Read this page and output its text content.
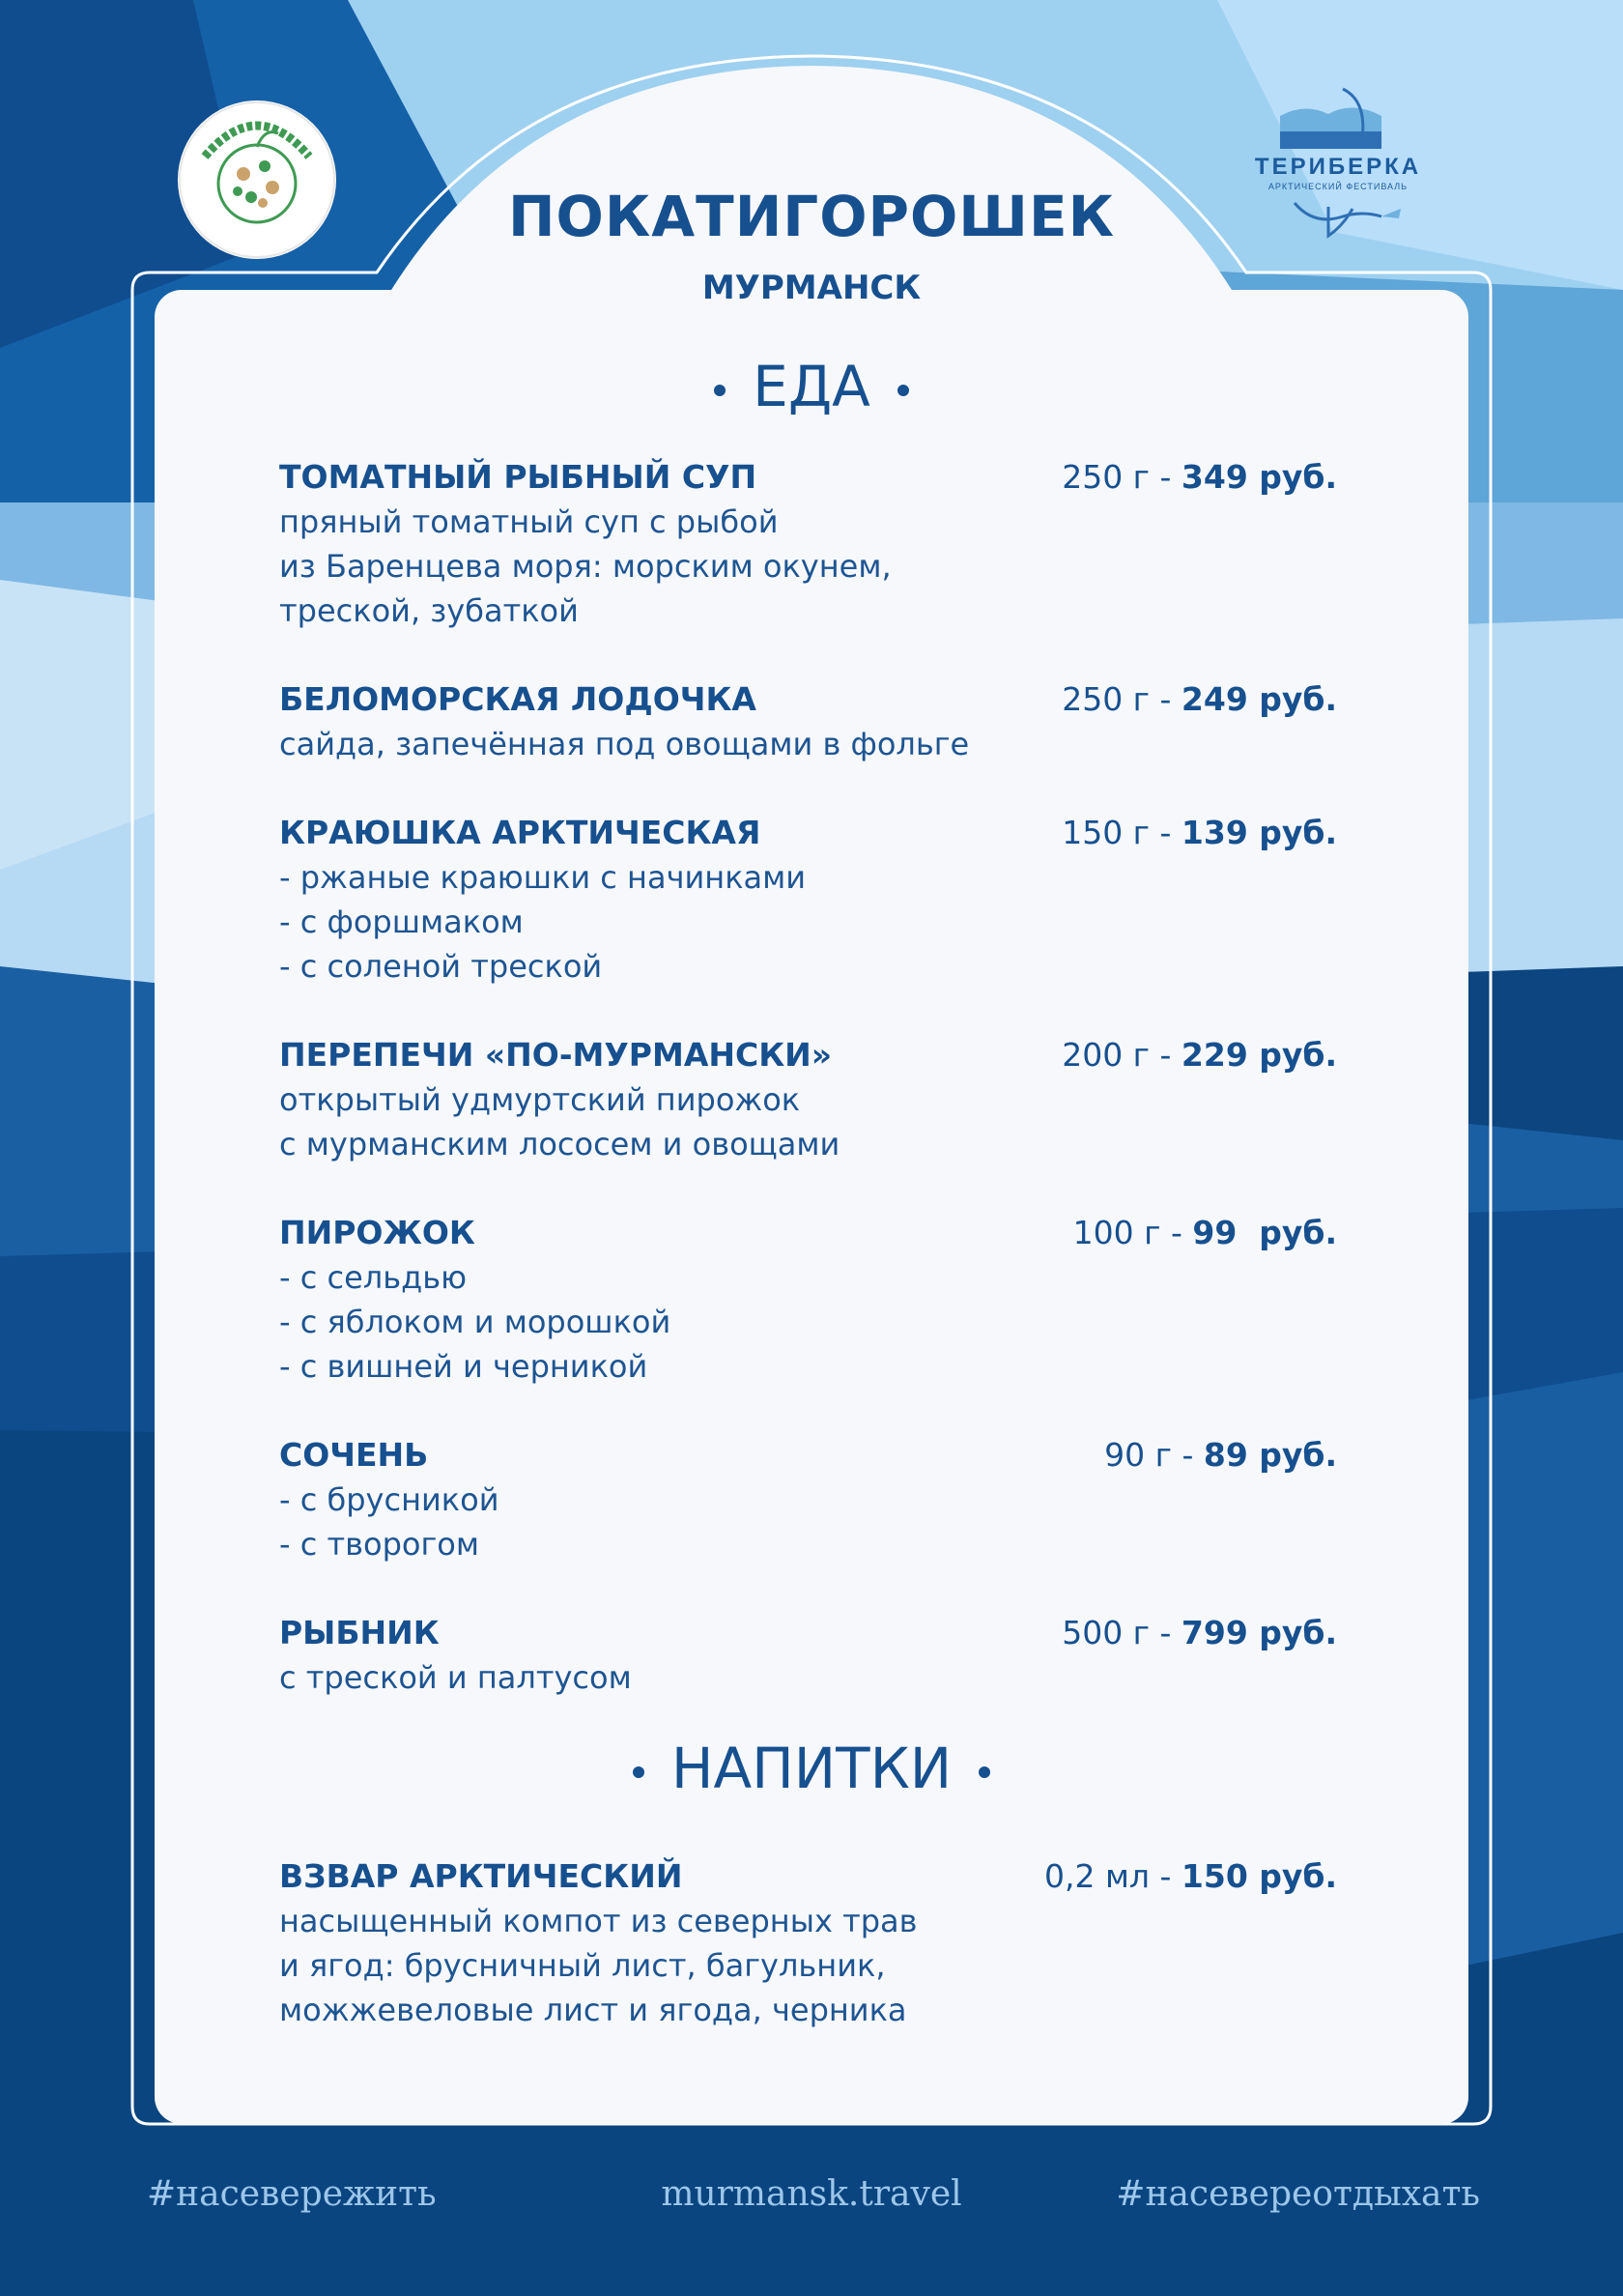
ТЕРИБЕРКА
АРКТИЧЕСКИЙ ФЕСТИВАЛЬ
ПОКАТИГОРОШЕК
МУРМАНСК
ЕДА
ТОМАТНЫЙ РЫБНЫЙ СУП	250 г - 349 руб.
пряный томатный суп с рыбой
из Баренцева моря: морским окунем,
треской, зубаткой
БЕЛОМОРСКАЯ ЛОДОЧКА	250 г - 249 руб.
сайда, запечённая под овощами в фольге
КРАЮШКА АРКТИЧЕСКАЯ	150 г - 139 руб.
- ржаные краюшки с начинками
- с форшмаком
- с соленой треской
ПЕРЕПЕЧИ «ПО-МУРМАНСКИ»	200 г - 229 руб.
открытый удмуртский пирожок
с мурманским лососем и овощами
ПИРОЖОК	100 г - 99  руб.
- с сельдью
- с яблоком и морошкой
- с вишней и черникой
СОЧЕНЬ	90 г - 89 руб.
- с брусникой
- с творогом
РЫБНИК	500 г - 799 руб.
с треской и палтусом
НАПИТКИ
ВЗВАР АРКТИЧЕСКИЙ	0,2 мл - 150 руб.
насыщенный компот из северных трав
и ягод: брусничный лист, багульник,
можжевеловые лист и ягода, черника
#насевережить	murmansk.travel	#насевереотдыхать
